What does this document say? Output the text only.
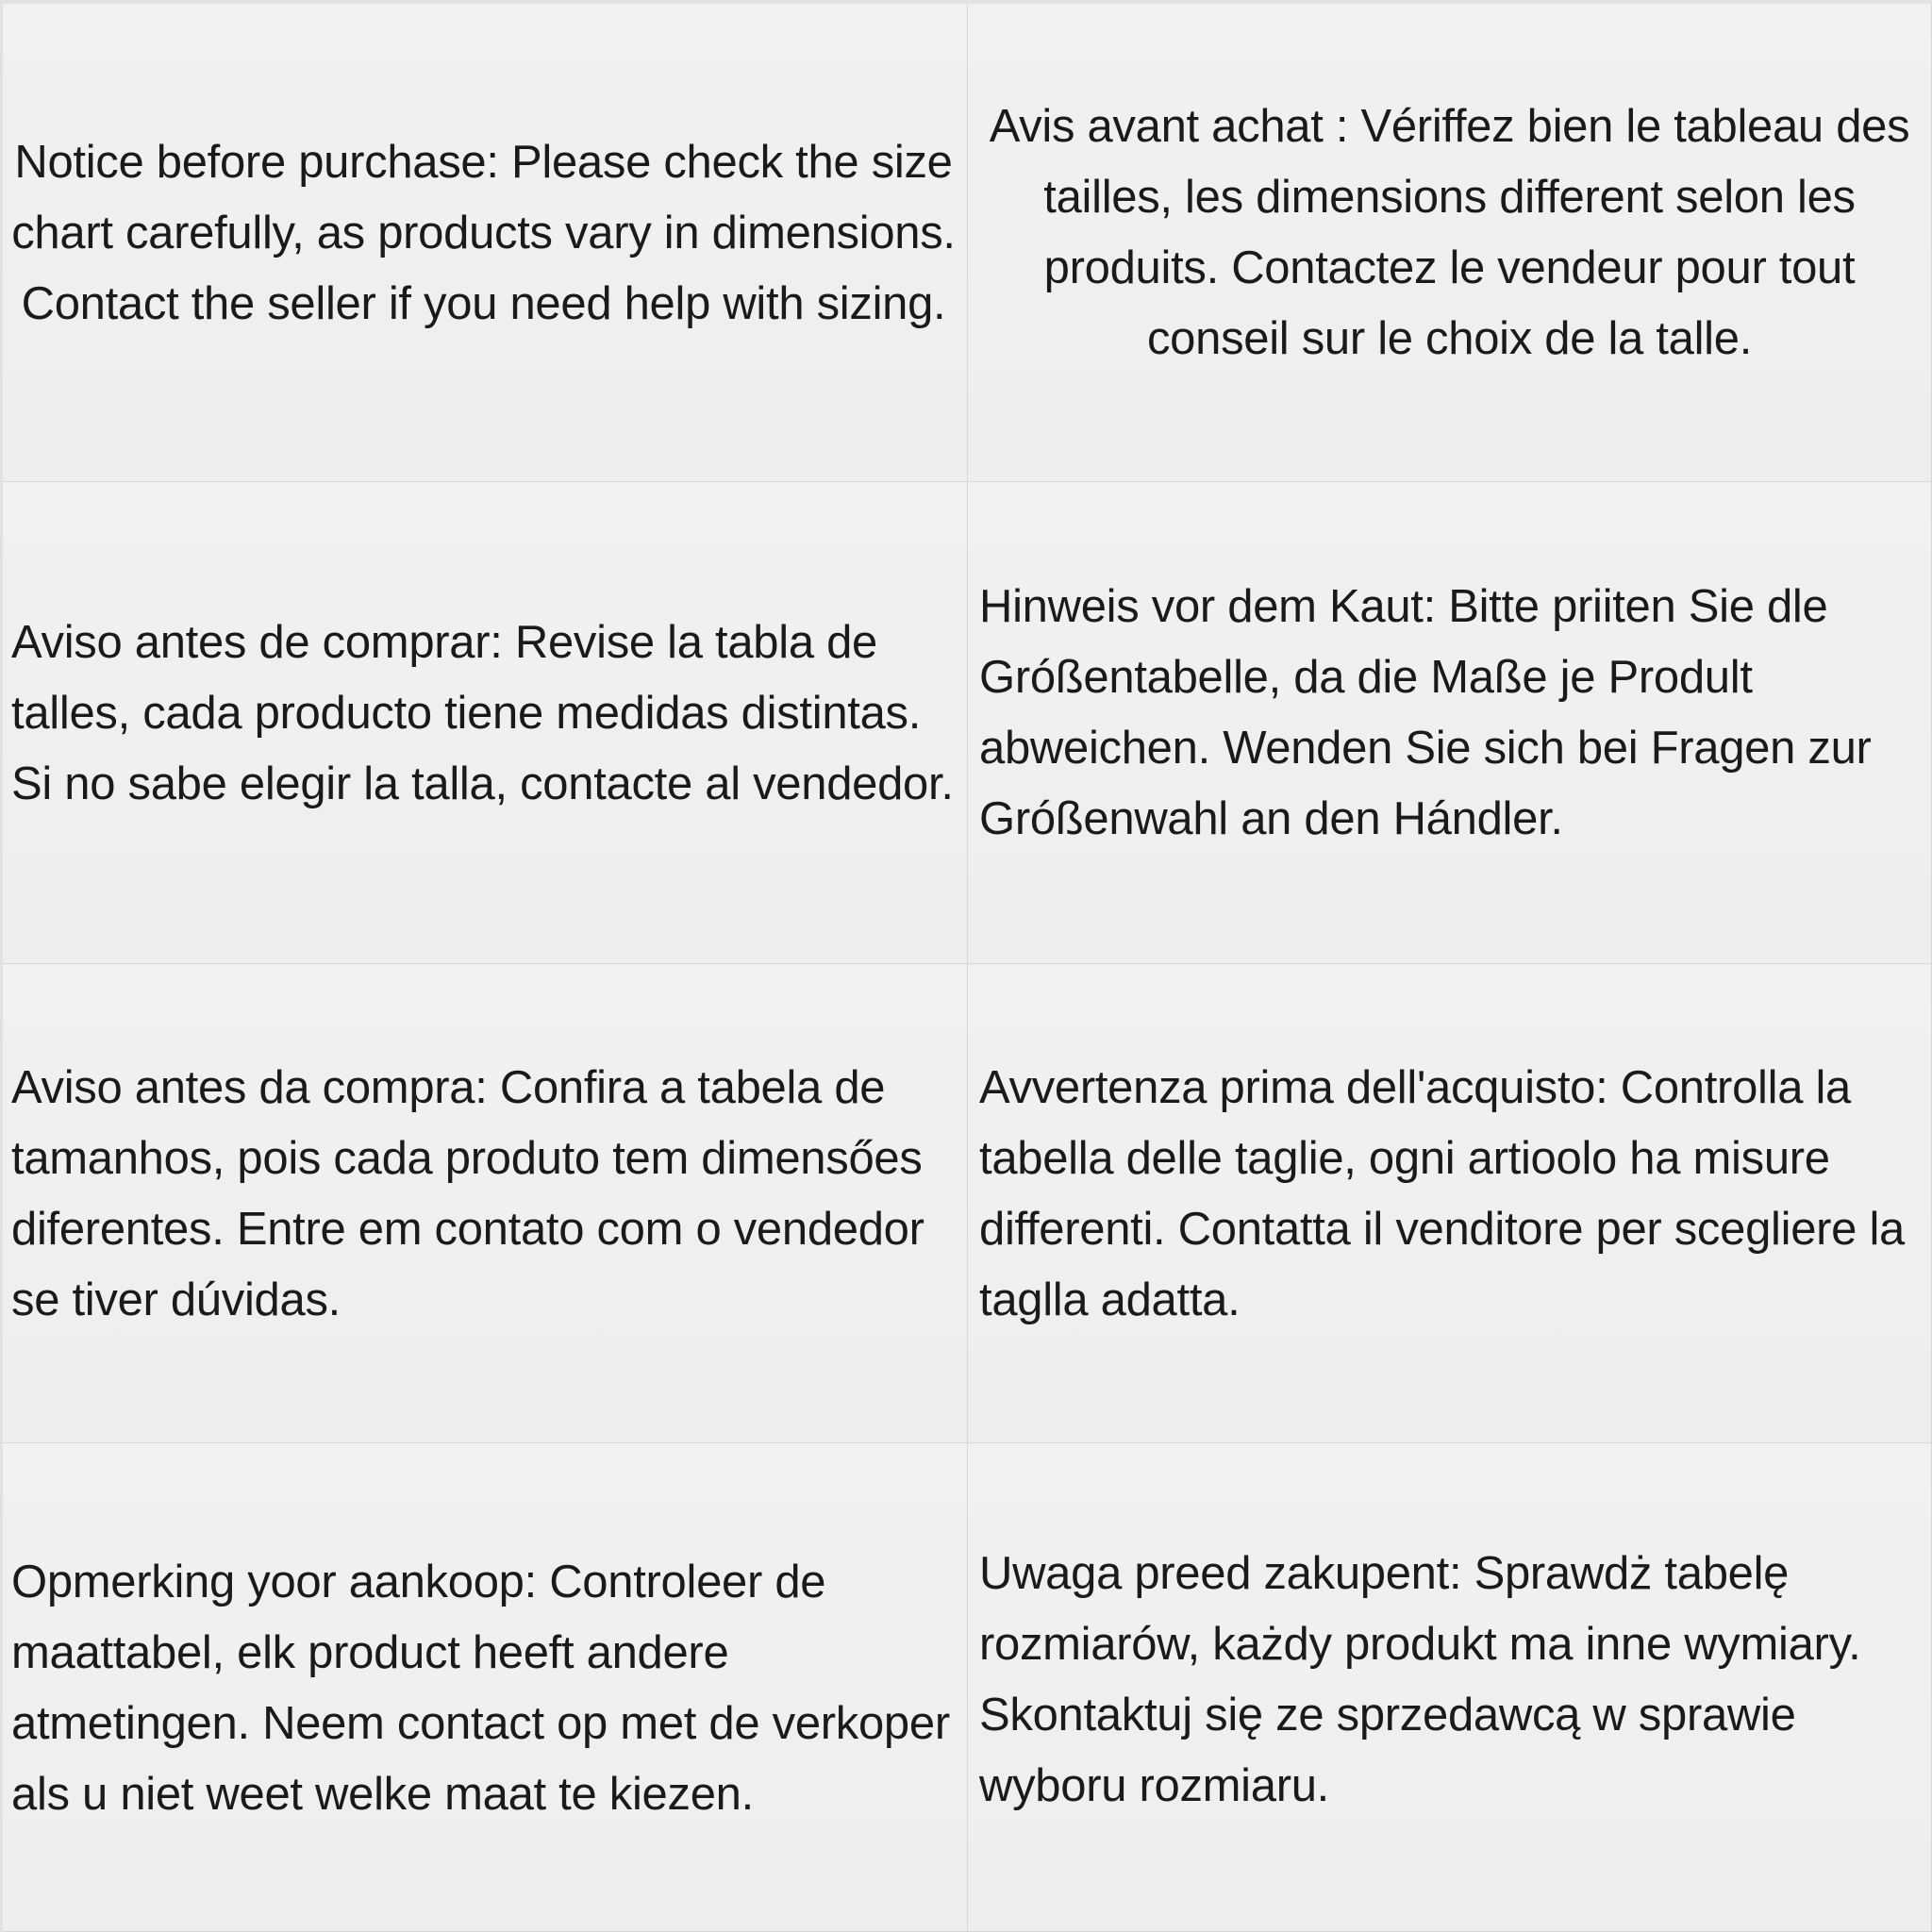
Notice before purchase: Please check the size chart carefully, as products vary in dimensions. Contact the seller if you need help with sizing.

Avis avant achat : Vériffez bien le tableau des tailles, les dimensions different selon les produits. Contactez le vendeur pour tout conseil sur le choix de la talle.

Aviso antes de comprar: Revise la tabla de talles, cada producto tiene medidas distintas. Si no sabe elegir la talla, contacte al vendedor.

Hinweis vor dem Kaut: Bitte priiten Sie dle Gróßentabelle, da die Maße je Prodult abweichen. Wenden Sie sich bei Fragen zur Gróßenwahl an den Hándler.

Aviso antes da compra: Confira a tabela de tamanhos, pois cada produto tem dimensőes diferentes. Entre em contato com o vendedor se tiver dúvidas.

Avvertenza prima dell'acquisto: Controlla la tabella delle taglie, ogni artioolo ha misure differenti. Contatta il venditore per scegliere la taglla adatta.

Opmerking yoor aankoop: Controleer de maattabel, elk product heeft andere atmetingen. Neem contact op met de verkoper als u niet weet welke maat te kiezen.

Uwaga preed zakupent: Sprawdż tabelę rozmiarów, każdy produkt ma inne wymiary. Skontaktuj się ze sprzedawcą w sprawie wyboru rozmiaru.
